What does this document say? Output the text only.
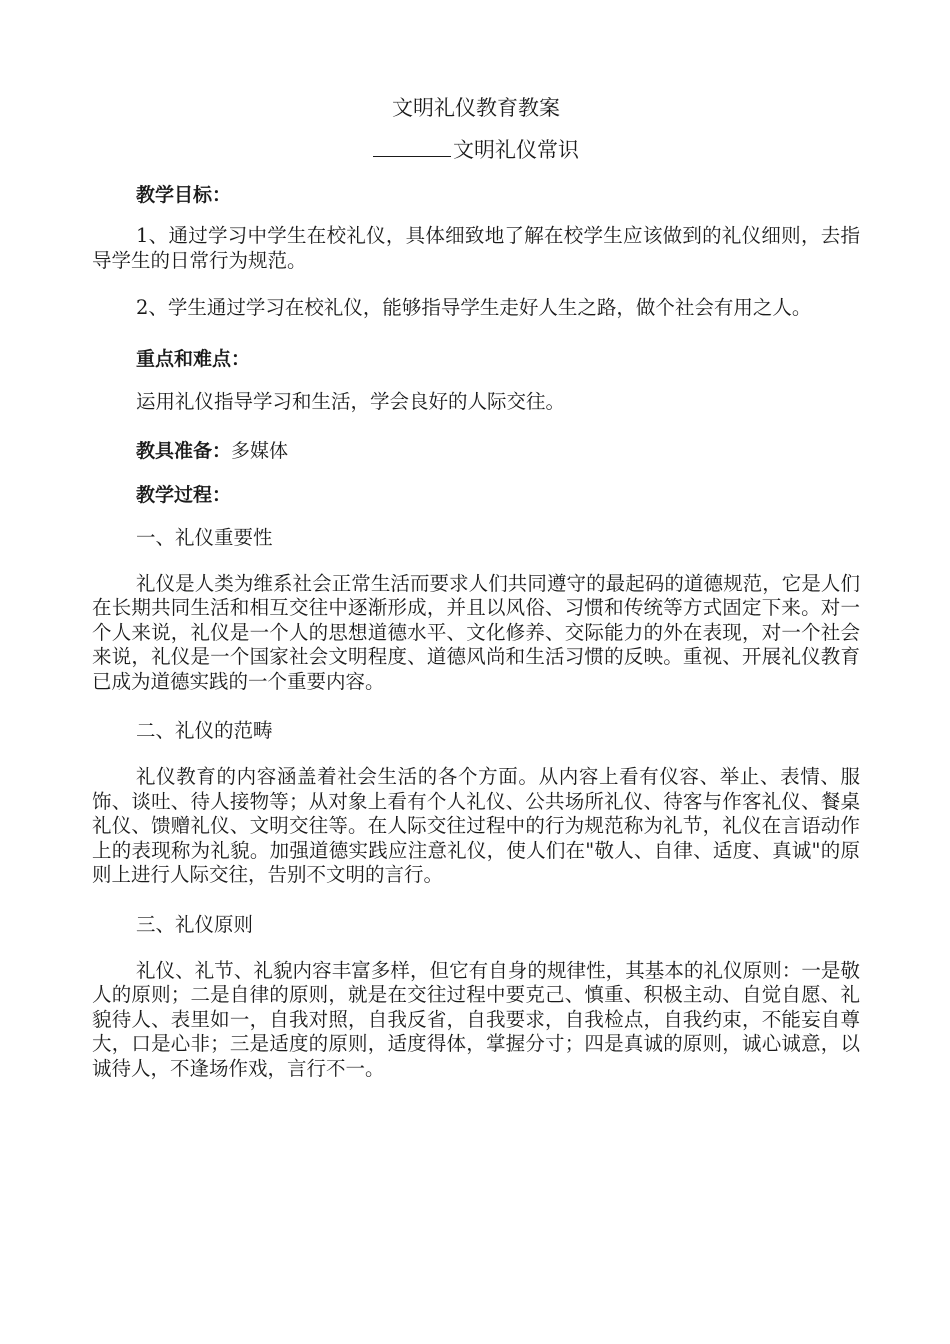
文明礼仪教育教案
文明礼仪常识
教学目标：
1、通过学习中学生在校礼仪，具体细致地了解在校学生应该做到的礼仪细则，去指导学生的日常行为规范。
2、学生通过学习在校礼仪，能够指导学生走好人生之路，做个社会有用之人。
重点和难点：
运用礼仪指导学习和生活，学会良好的人际交往。
教具准备：多媒体
教学过程：
一、礼仪重要性
礼仪是人类为维系社会正常生活而要求人们共同遵守的最起码的道德规范，它是人们在长期共同生活和相互交往中逐渐形成，并且以风俗、习惯和传统等方式固定下来。对一个人来说，礼仪是一个人的思想道德水平、文化修养、交际能力的外在表现，对一个社会来说，礼仪是一个国家社会文明程度、道德风尚和生活习惯的反映。重视、开展礼仪教育已成为道德实践的一个重要内容。
二、礼仪的范畴
礼仪教育的内容涵盖着社会生活的各个方面。从内容上看有仪容、举止、表情、服饰、谈吐、待人接物等；从对象上看有个人礼仪、公共场所礼仪、待客与作客礼仪、餐桌礼仪、馈赠礼仪、文明交往等。在人际交往过程中的行为规范称为礼节，礼仪在言语动作上的表现称为礼貌。加强道德实践应注意礼仪，使人们在"敬人、自律、适度、真诚"的原则上进行人际交往，告别不文明的言行。
三、礼仪原则
礼仪、礼节、礼貌内容丰富多样，但它有自身的规律性，其基本的礼仪原则：一是敬人的原则；二是自律的原则，就是在交往过程中要克己、慎重、积极主动、自觉自愿、礼貌待人、表里如一，自我对照，自我反省，自我要求，自我检点，自我约束，不能妄自尊大，口是心非；三是适度的原则，适度得体，掌握分寸；四是真诚的原则，诚心诚意，以诚待人，不逢场作戏，言行不一。
